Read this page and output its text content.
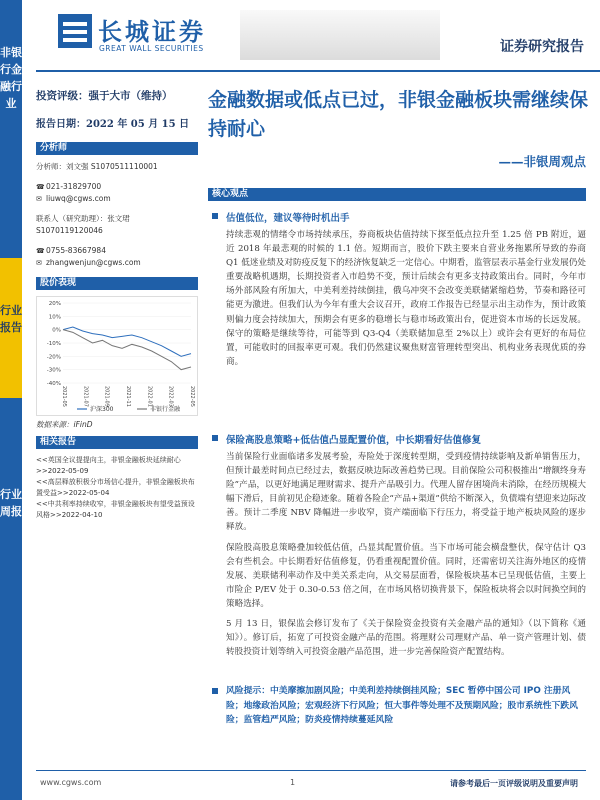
非银行金融行业
行业报告
行业周报
长城证券
GREAT WALL SECURITIES	证券研究报告
投资评级：强于大市（维持）
报告日期：2022 年 05 月 15 日
分析师
分析师：刘文强 S1070511110001
☎ 021-31829700
✉ liuwq@cgws.com
联系人（研究助理）：张文珺
S1070119120046
☎ 0755-83667984
✉ zhangwenjun@cgws.com
股价表现
20%
10%
0%
-10%
-20%
-30%
-40%
2021-05	2021-07	2021-09	2021-11	2022-01	2022-03	2022-05
沪深300	非银行金融
数据来源：iFinD
相关报告
<<英国全议提提向主，非银金融板块延续耐心>>2022-05-09
<<高层释放积极分市场信心提升，非银金融板块布置受益>>2022-05-04
<<中共利率持续收窄，非银金融板块有望受益预设风格>>2022-04-10
金融数据或低点已过，非银金融板块需继续保持耐心
——非银周观点
核心观点
估值低位，建议等待时机出手
持续悲观的情绪令市场持续承压，券商板块估值持续下探至低点拉升至 1.25 倍 PB 附近，逼近 2018 年最悲观的时候的 1.1 倍。短期而言，股价下跌主要来自营业务拖累所导致的券商 Q1 低迷业绩及对防疫反复下的经济恢复缺乏一定信心。中期看，监管层表示基金行业发展仍处重要战略机遇期，长期投资者入市趋势不变，预计后续会有更多支持政策出台。同时，今年市场外部风险有所加大，中美利差持续倒挂，俄乌冲突不会改变美联储紧缩趋势，节奏和路径可能更为激进。但我们认为今年有重大会议召开，政府工作报告已经显示出主动作为，预计政策则偏力度会持续加大，预期会有更多的稳增长与稳市场政策出台，促进资本市场的长远发展。保守的策略是继续等待，可能等到 Q3-Q4（美联储加息至 2%以上）或许会有更好的布局位置，可能收时的回报率更可观。我们仍然建议聚焦财富管理转型突出、机构业务表现优质的券商。
保险高股息策略+低估值凸显配置价值，中长期看好估值修复
当前保险行业面临诸多发展考验，寿险处于深度转型期，受到疫情持续影响及新单销售压力，但预计最差时间点已经过去，数据反映边际改善趋势已现。目前保险公司积极推出“增额终身寿险”产品，以更好地满足理财需求、提升产品吸引力。代理人留存困境尚未消除，在经历规模大幅下滑后，目前初见企稳迹象。随着各险企“产品+渠道”供给不断深入，负债端有望迎来边际改善。预计二季度 NBV 降幅进一步收窄，资产端面临下行压力，将受益于地产板块风险的逐步释放。
保险股高股息策略叠加较低估值，凸显其配置价值。当下市场可能会横盘整伏，保守估计 Q3 会有些机会。中长期看好估值修复，仍看重视配置价值。同时，还需密切关注海外地区的疫情发展、美联储利率动作及中美关系走向，从交易层面看，保险板块基本已呈现低估值，主要上市险企 P/EV 处于 0.30-0.53 倍之间，在市场风格切换背景下，保险板块将会以时间换空间的策略选择。
5 月 13 日，银保监会修订发布了《关于保险资金投资有关金融产品的通知》（以下简称《通知》）。修订后，拓宽了可投资金融产品的范围。将理财公司理财产品、单一资产管理计划、债转股投资计划等纳入可投资金融产品范围，进一步完善保险资产配置结构。
风险提示：中美摩擦加剧风险；中美利差持续倒挂风险；SEC 暂停中国公司 IPO 注册风险；地缘政治风险；宏观经济下行风险；恒大事件等处理不及预期风险；股市系统性下跌风险；监管趋严风险；防炎疫情持续蔓延风险
www.cgws.com	1	请参考最后一页评级说明及重要声明
